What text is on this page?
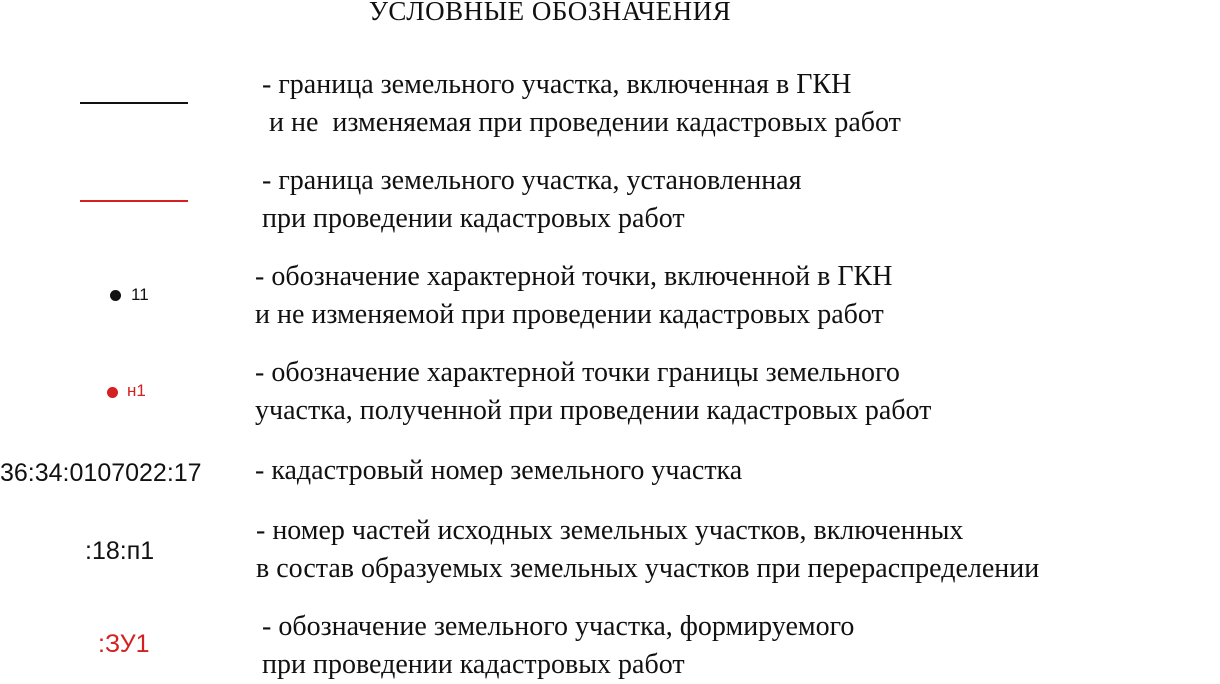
УСЛОВНЫЕ ОБОЗНАЧЕНИЯ
- граница земельного участка, включенная в ГКН
и не  изменяемая при проведении кадастровых работ
- граница земельного участка, установленная
при проведении кадастровых работ
11
- обозначение характерной точки, включенной в ГКН
и не изменяемой при проведении кадастровых работ
н1
- обозначение характерной точки границы земельного
участка, полученной при проведении кадастровых работ
36:34:0107022:17 - кадастровый номер земельного участка
:18:п1
- номер частей исходных земельных участков, включенных
в состав образуемых земельных участков при перераспределении
:ЗУ1
- обозначение земельного участка, формируемого
при проведении кадастровых работ
